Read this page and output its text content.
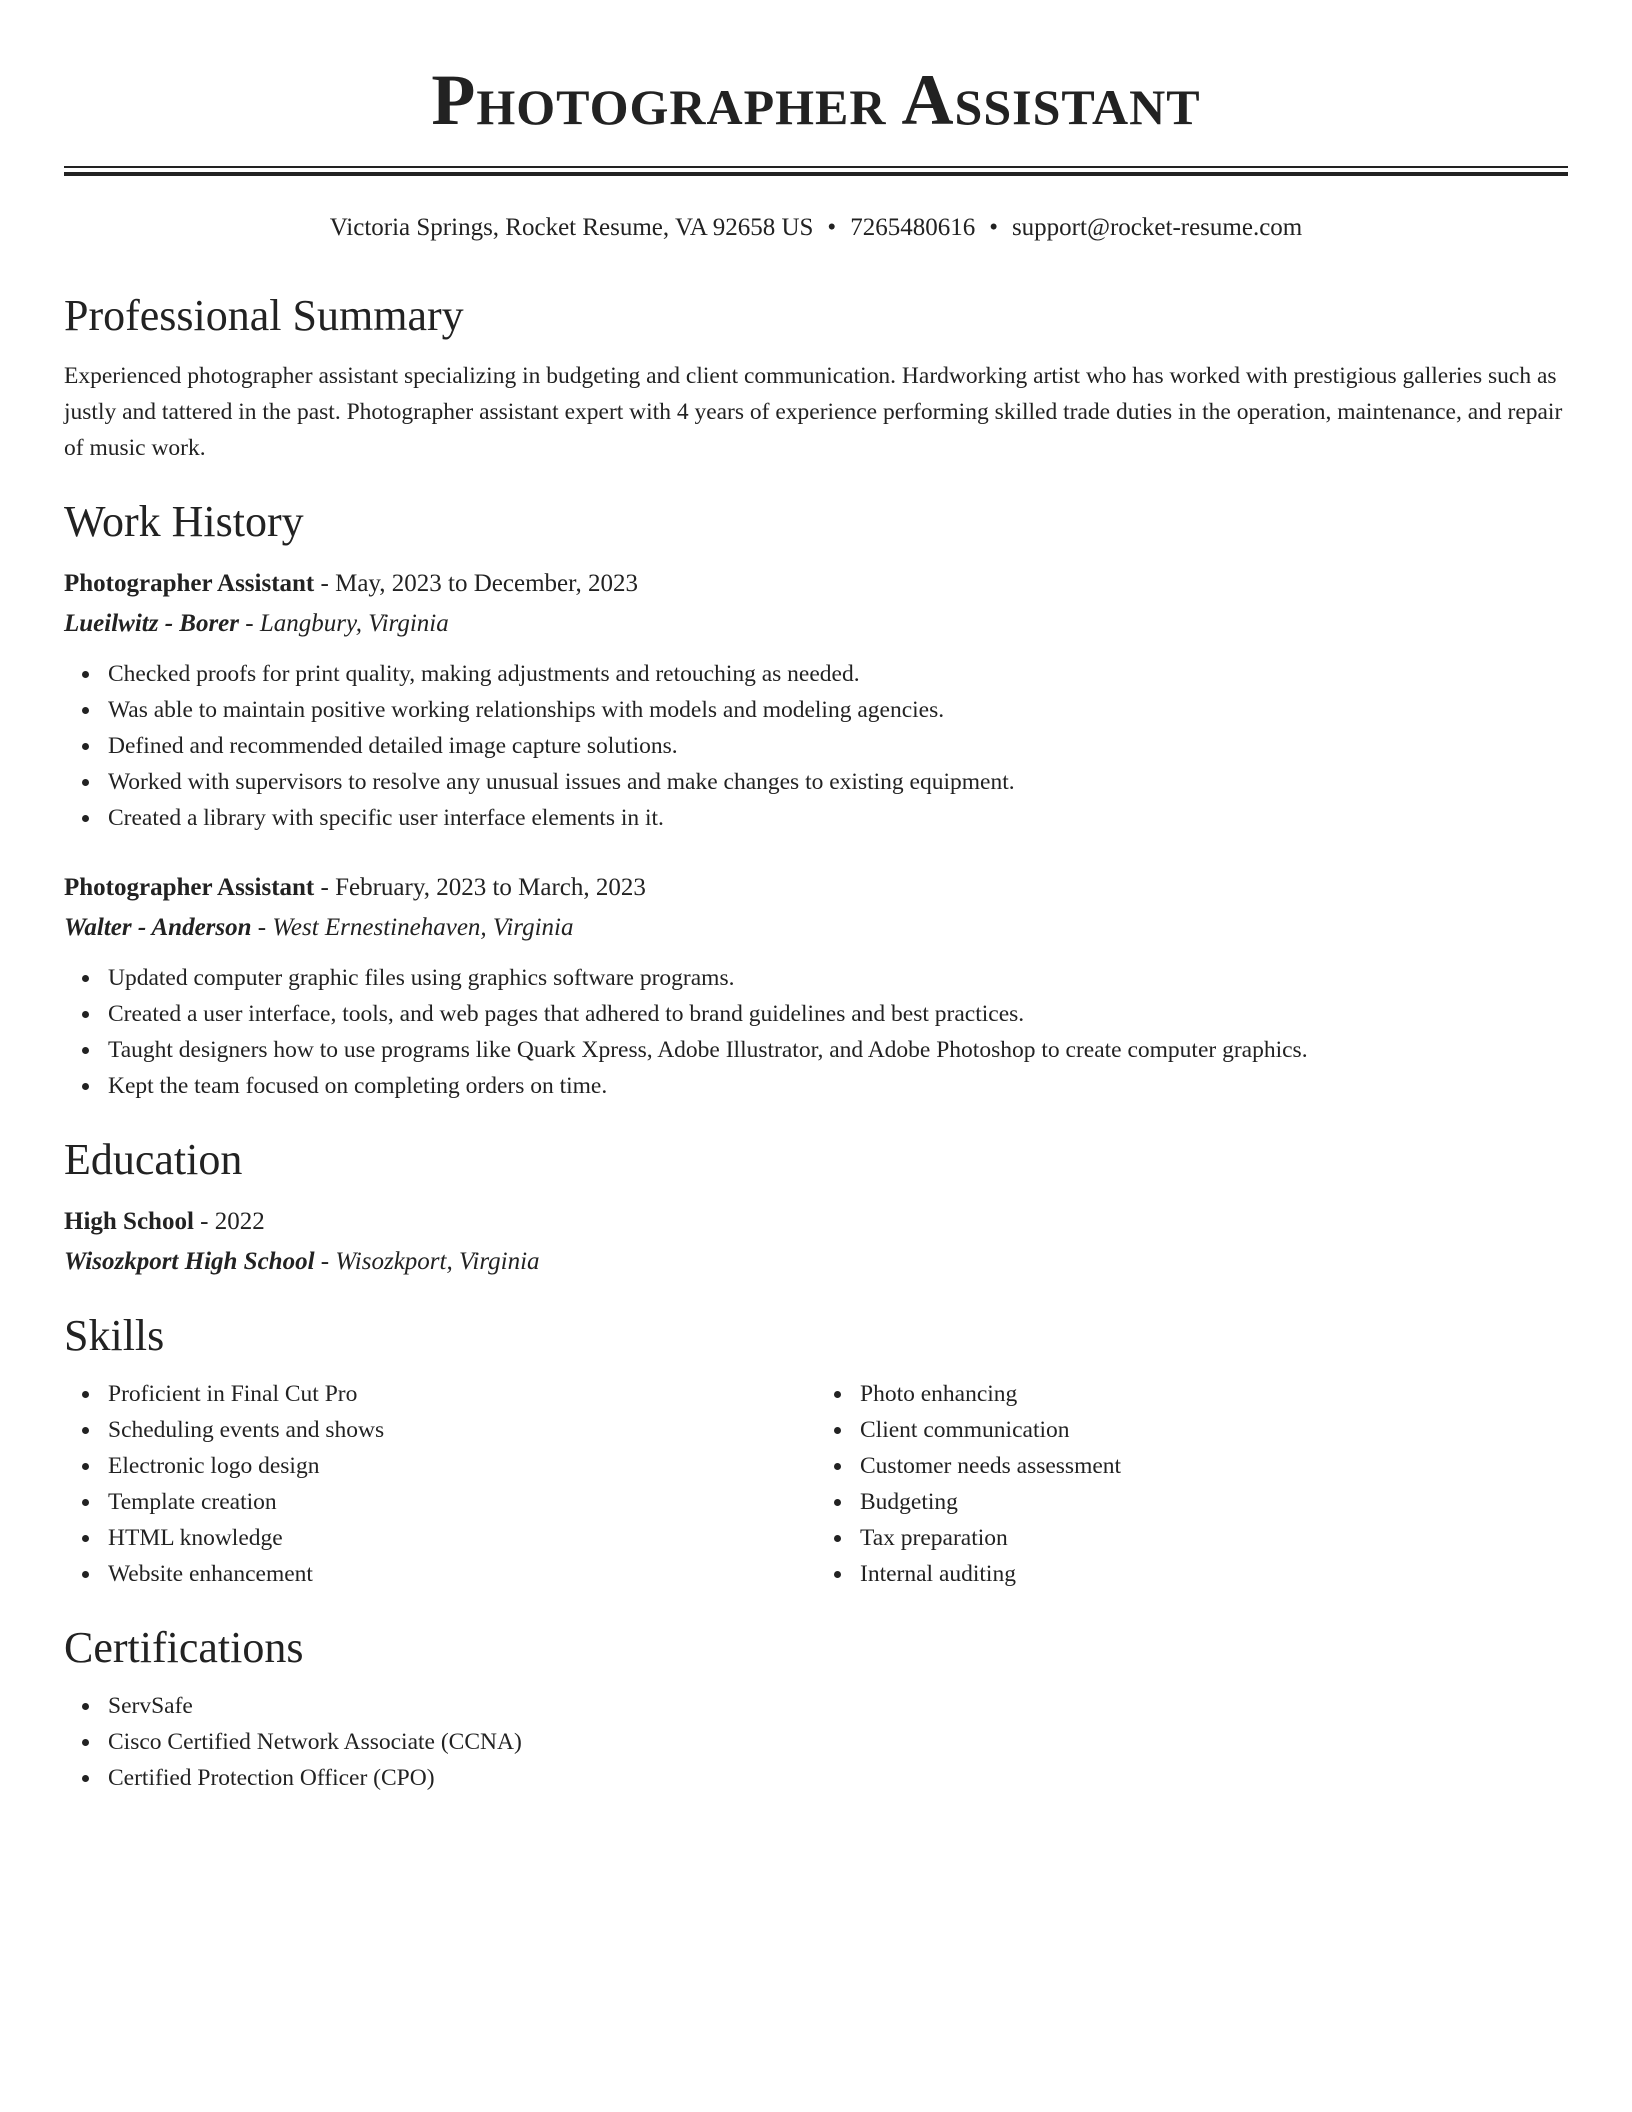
Photographer Assistant
Victoria Springs, Rocket Resume, VA 92658 US • 7265480616 • support@rocket-resume.com
Professional Summary

Experienced photographer assistant specializing in budgeting and client communication. Hardworking artist who has worked with prestigious galleries such as justly and tattered in the past. Photographer assistant expert with 4 years of experience performing skilled trade duties in the operation, maintenance, and repair of music work.

Work History
Photographer Assistant - May, 2023 to December, 2023
Lueilwitz - Borer - Langbury, Virginia
Checked proofs for print quality, making adjustments and retouching as needed.
Was able to maintain positive working relationships with models and modeling agencies.
Defined and recommended detailed image capture solutions.
Worked with supervisors to resolve any unusual issues and make changes to existing equipment.
Created a library with specific user interface elements in it.
Photographer Assistant - February, 2023 to March, 2023
Walter - Anderson - West Ernestinehaven, Virginia
Updated computer graphic files using graphics software programs.
Created a user interface, tools, and web pages that adhered to brand guidelines and best practices.
Taught designers how to use programs like Quark Xpress, Adobe Illustrator, and Adobe Photoshop to create computer graphics.
Kept the team focused on completing orders on time.
Education
High School - 2022
Wisozkport High School - Wisozkport, Virginia
Skills
Proficient in Final Cut Pro
Scheduling events and shows
Electronic logo design
Template creation
HTML knowledge
Website enhancement
Photo enhancing
Client communication
Customer needs assessment
Budgeting
Tax preparation
Internal auditing
Certifications
ServSafe
Cisco Certified Network Associate (CCNA)
Certified Protection Officer (CPO)
